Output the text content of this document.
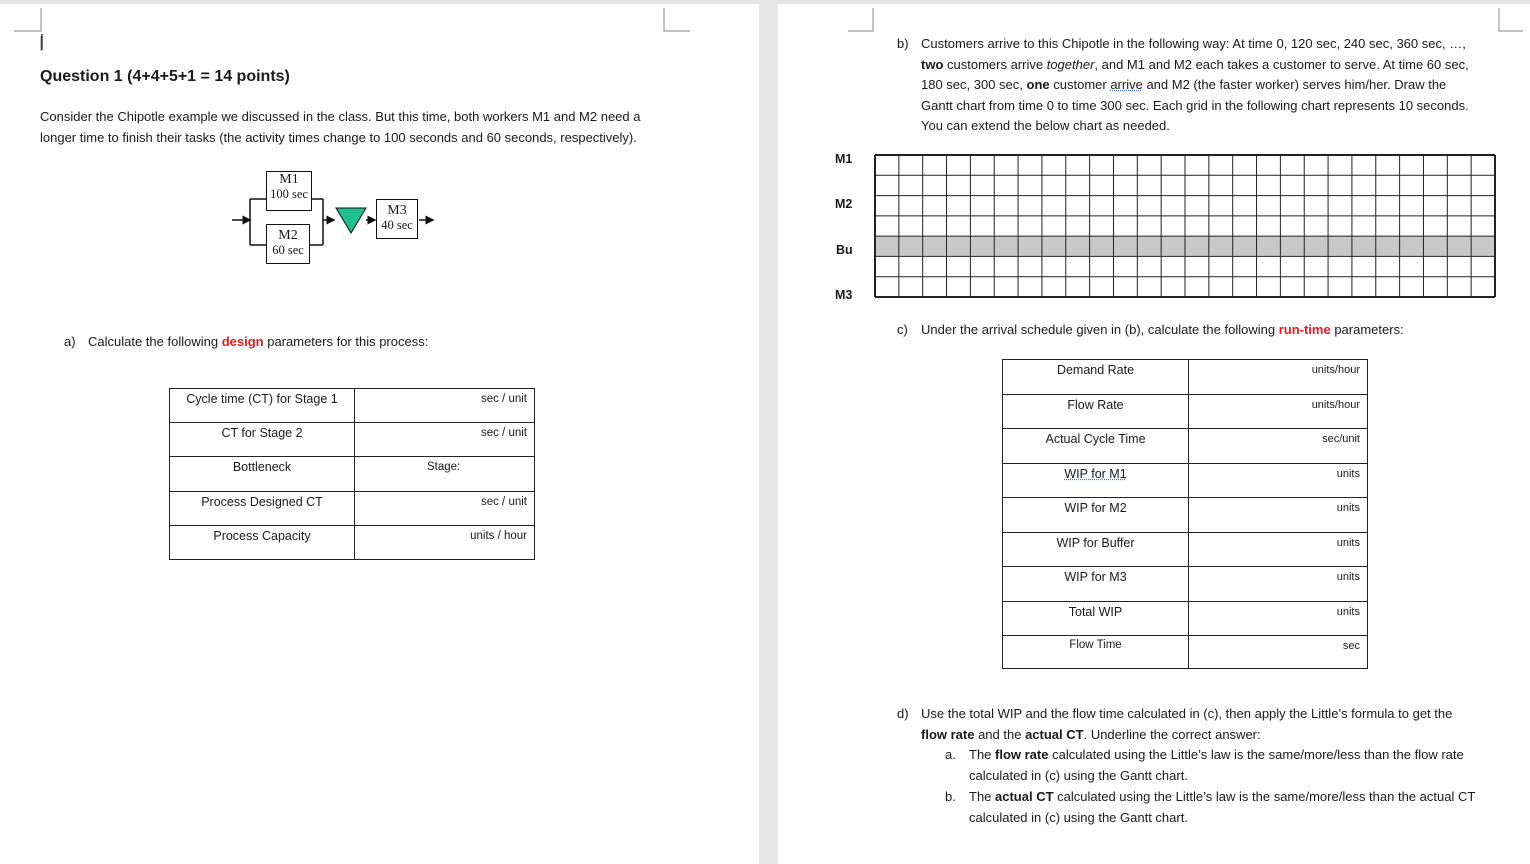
Question 1 (4+4+5+1 = 14 points)
Consider the Chipotle example we discussed in the class. But this time, both workers M1 and M2 need a
longer time to finish their tasks (the activity times change to 100 seconds and 60 seconds, respectively).
M1
100 sec
M2
60 sec
M3
40 sec
a) Calculate the following design parameters for this process:
Cycle time (CT) for Stage 1	sec / unit
CT for Stage 2	sec / unit
Bottleneck	Stage:
Process Designed CT	sec / unit
Process Capacity	units / hour
b) Customers arrive to this Chipotle in the following way: At time 0, 120 sec, 240 sec, 360 sec, …,
two customers arrive together, and M1 and M2 each takes a customer to serve. At time 60 sec,
180 sec, 300 sec, one customer arrive and M2 (the faster worker) serves him/her. Draw the
Gantt chart from time 0 to time 300 sec. Each grid in the following chart represents 10 seconds.
You can extend the below chart as needed.
M1
M2
Bu
M3
c) Under the arrival schedule given in (b), calculate the following run-time parameters:
Demand Rate	units/hour
Flow Rate	units/hour
Actual Cycle Time	sec/unit
WIP for M1	units
WIP for M2	units
WIP for Buffer	units
WIP for M3	units
Total WIP	units
Flow Time	sec
d) Use the total WIP and the flow time calculated in (c), then apply the Little’s formula to get the
flow rate and the actual CT. Underline the correct answer:
a. The flow rate calculated using the Little’s law is the same/more/less than the flow rate
calculated in (c) using the Gantt chart.
b. The actual CT calculated using the Little’s law is the same/more/less than the actual CT
calculated in (c) using the Gantt chart.
